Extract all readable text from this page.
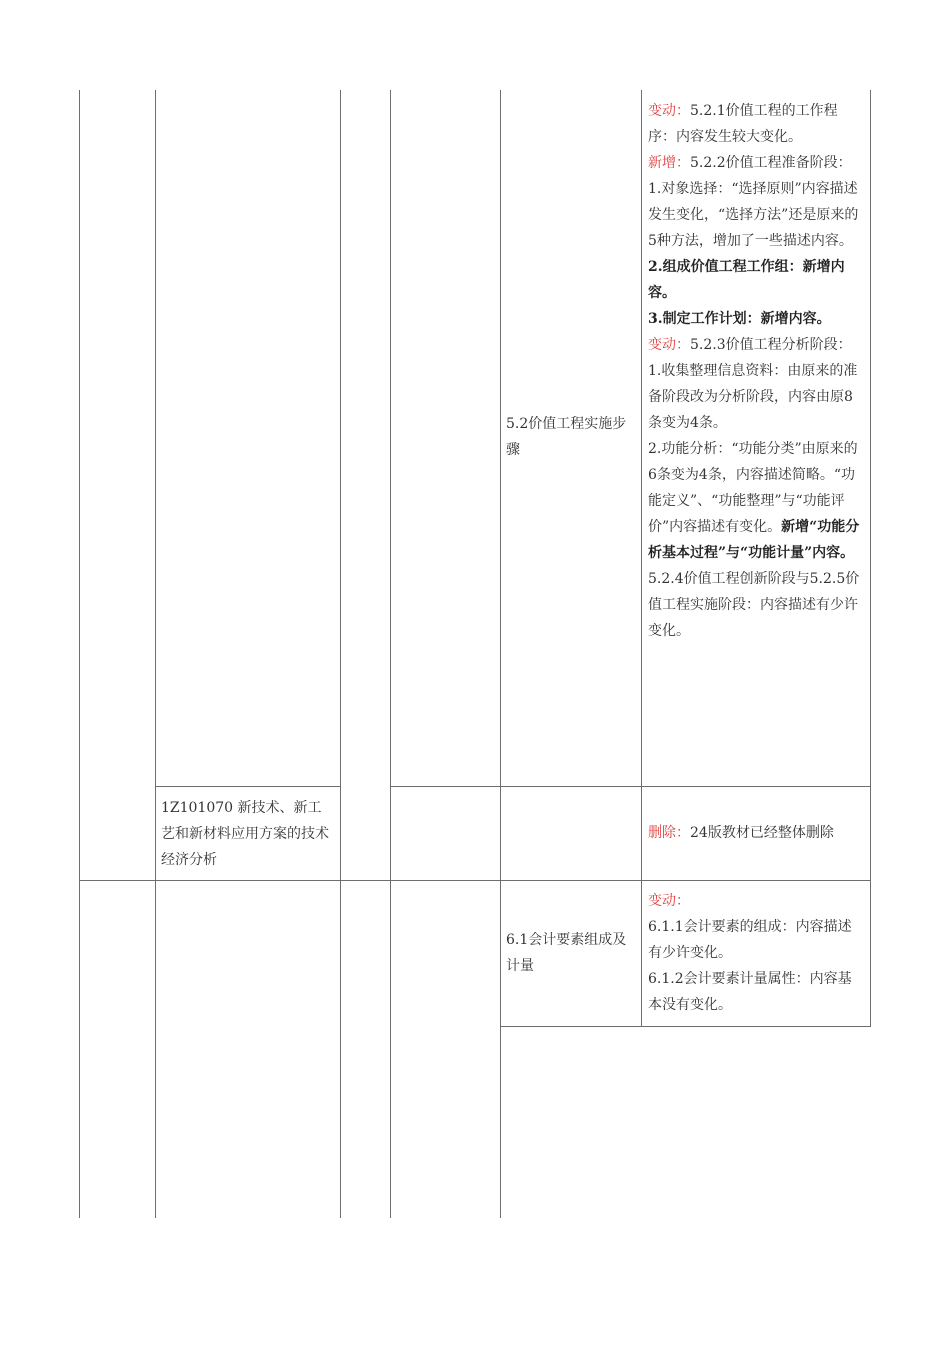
5.2价值工程实施步骤

变动：5.2.1价值工程的工作程序：内容发生较大变化。

新增：5.2.2价值工程准备阶段：

1.对象选择：“选择原则”内容描述发生变化，“选择方法”还是原来的5种方法，增加了一些描述内容。

2.组成价值工程工作组：新增内容。

3.制定工作计划：新增内容。

变动：5.2.3价值工程分析阶段：

1.收集整理信息资料：由原来的准备阶段改为分析阶段，内容由原8条变为4条。

2.功能分析：“功能分类”由原来的6条变为4条，内容描述简略。“功能定义”、“功能整理”与“功能评价”内容描述有变化。新增“功能分析基本过程”与“功能计量”内容。

5.2.4价值工程创新阶段与5.2.5价值工程实施阶段：内容描述有少许变化。

1Z101070 新技术、新工艺和新材料应用方案的技术经济分析
删除：24版教材已经整体删除
6.1会计要素组成及计量

变动：

6.1.1会计要素的组成：内容描述有少许变化。

6.1.2会计要素计量属性：内容基本没有变化。
